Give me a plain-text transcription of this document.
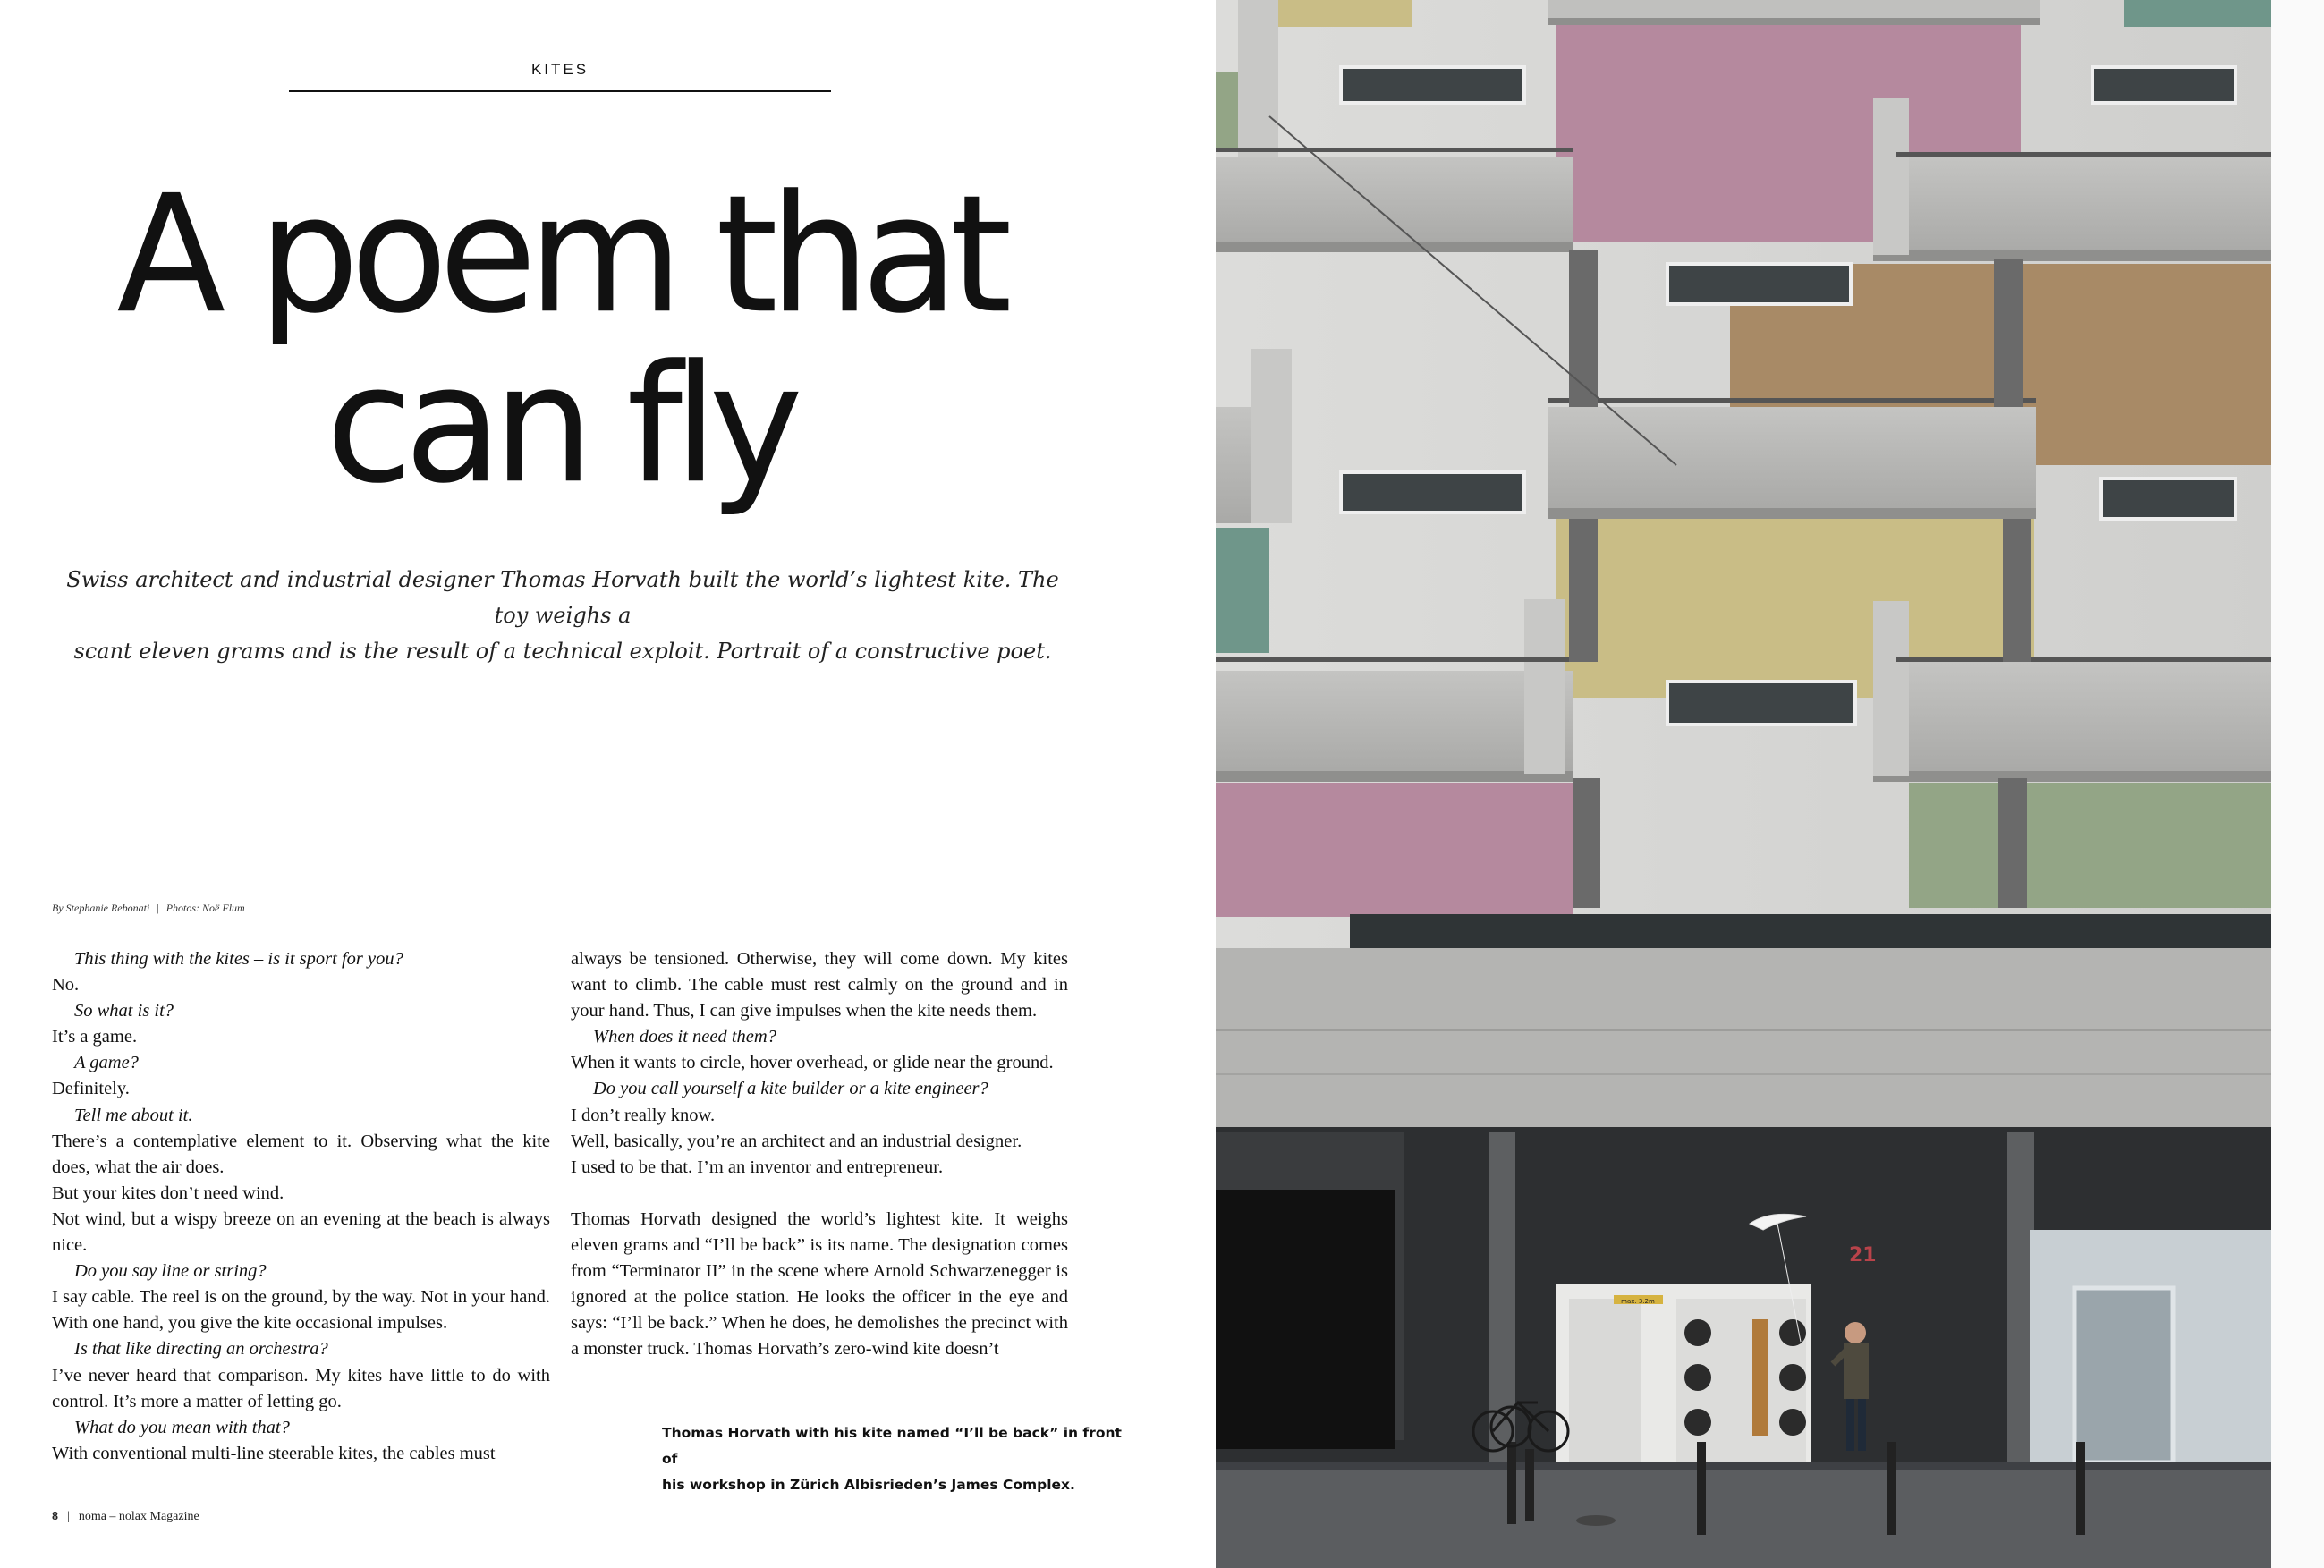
KITES
A poem that
can fly
Swiss architect and industrial designer Thomas Horvath built the world’s lightest kite. The toy weighs a
scant eleven grams and is the result of a technical exploit. Portrait of a constructive poet.
By Stephanie Rebonati | Photos: Noë Flum

This thing with the kites – is it sport for you?

No.

So what is it?

It’s a game.

A game?

Definitely.

Tell me about it.

There’s a contemplative element to it. Observing what the kite does, what the air does.

But your kites don’t need wind.

Not wind, but a wispy breeze on an evening at the beach is always nice.

Do you say line or string?

I say cable. The reel is on the ground, by the way. Not in your hand. With one hand, you give the kite occasional impulses.

Is that like directing an orchestra?

I’ve never heard that comparison. My kites have little to do with control. It’s more a matter of letting go.

What do you mean with that?

With conventional multi-line steerable kites, the cables must

always be tensioned. Otherwise, they will come down. My kites want to climb. The cable must rest calmly on the ground and in your hand. Thus, I can give impulses when the kite needs them.

When does it need them?

When it wants to circle, hover overhead, or glide near the ground.

Do you call yourself a kite builder or a kite engineer?

I don’t really know.

Well, basically, you’re an architect and an industrial designer.

I used to be that. I’m an inventor and entrepreneur.

Thomas Horvath designed the world’s lightest kite. It weighs eleven grams and “I’ll be back” is its name. The designation comes from “Terminator II” in the scene where Arnold Schwarzenegger is ignored at the police station. He looks the officer in the eye and says: “I’ll be back.” When he does, he demolishes the precinct with a monster truck. Thomas Horvath’s zero-wind kite doesn’t

Thomas Horvath with his kite named “I’ll be back” in front of
his workshop in Zürich Albisrieden’s James Complex.
8 | noma – nolax Magazine
max. 3.2m
21
